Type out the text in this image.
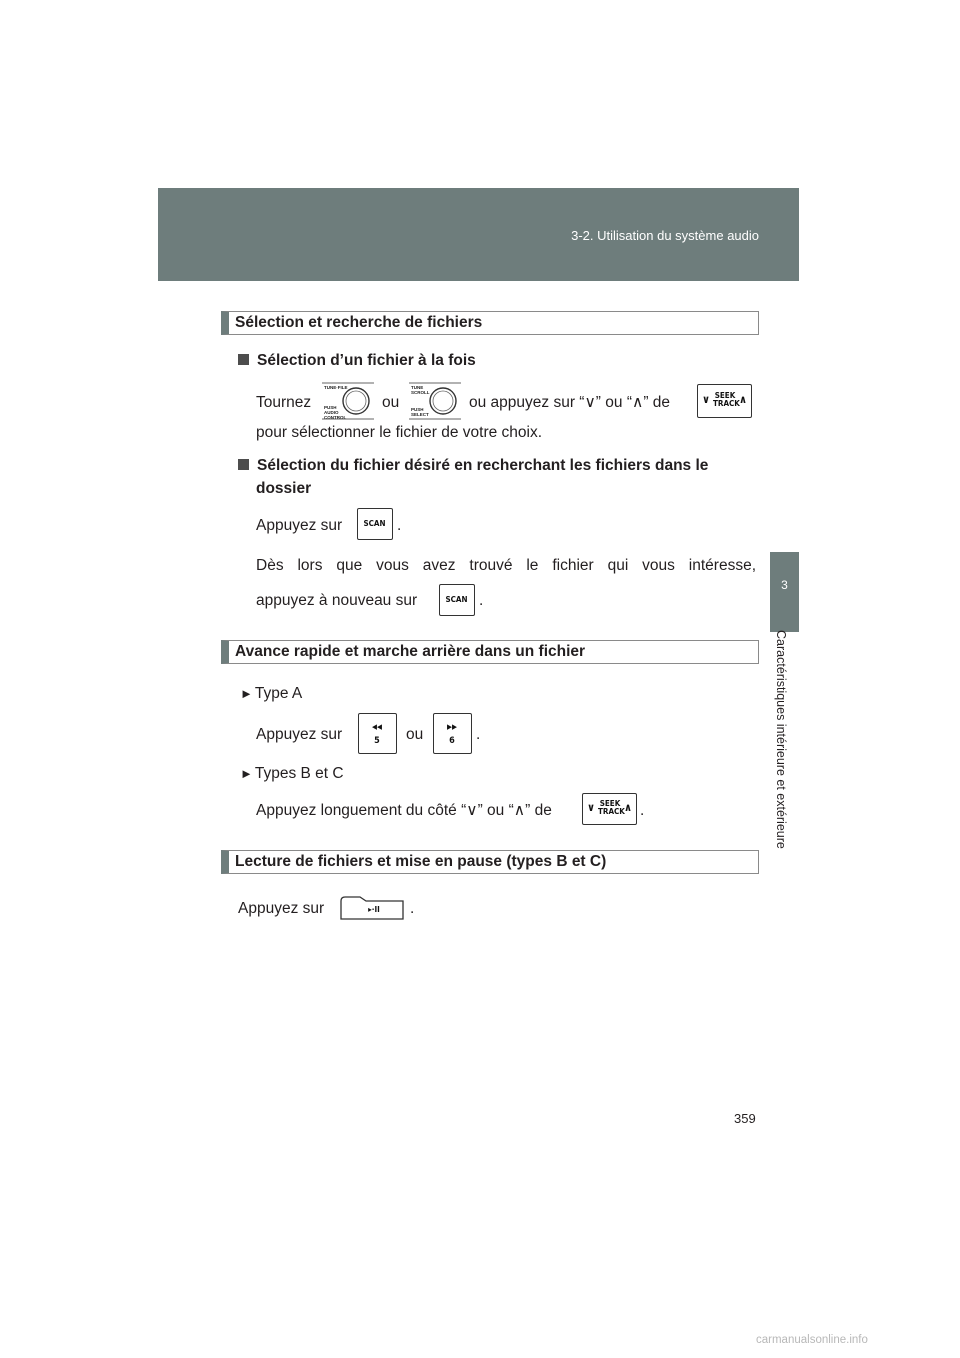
3-2. Utilisation du système audio
3
Caractéristiques intérieure et extérieure
Sélection et recherche de fichiers
Sélection d’un fichier à la fois
Tournez
TUNE·FILE
PUSH AUDIO CONTROL
ou
TUNE SCROLL
PUSH SELECT
ou appuyez sur “∨” ou “∧” de	∨ SEEK TRACK ∧
pour sélectionner le fichier de votre choix.
Sélection du fichier désiré en recherchant les fichiers dans le
dossier
Appuyez sur	SCAN .
Dès lors que vous avez trouvé le fichier qui vous intéresse,
appuyez à nouveau sur	SCAN .
Avance rapide et marche arrière dans un fichier
► Type A
Appuyez sur	◂◂
5	ou	▸▸
6	.
► Types B et C
Appuyez longuement du côté “∨” ou “∧” de	∨ SEEK TRACK ∧ .
Lecture de fichiers et mise en pause (types B et C)
Appuyez sur	▸·II	.
359
carmanualsonline.info
